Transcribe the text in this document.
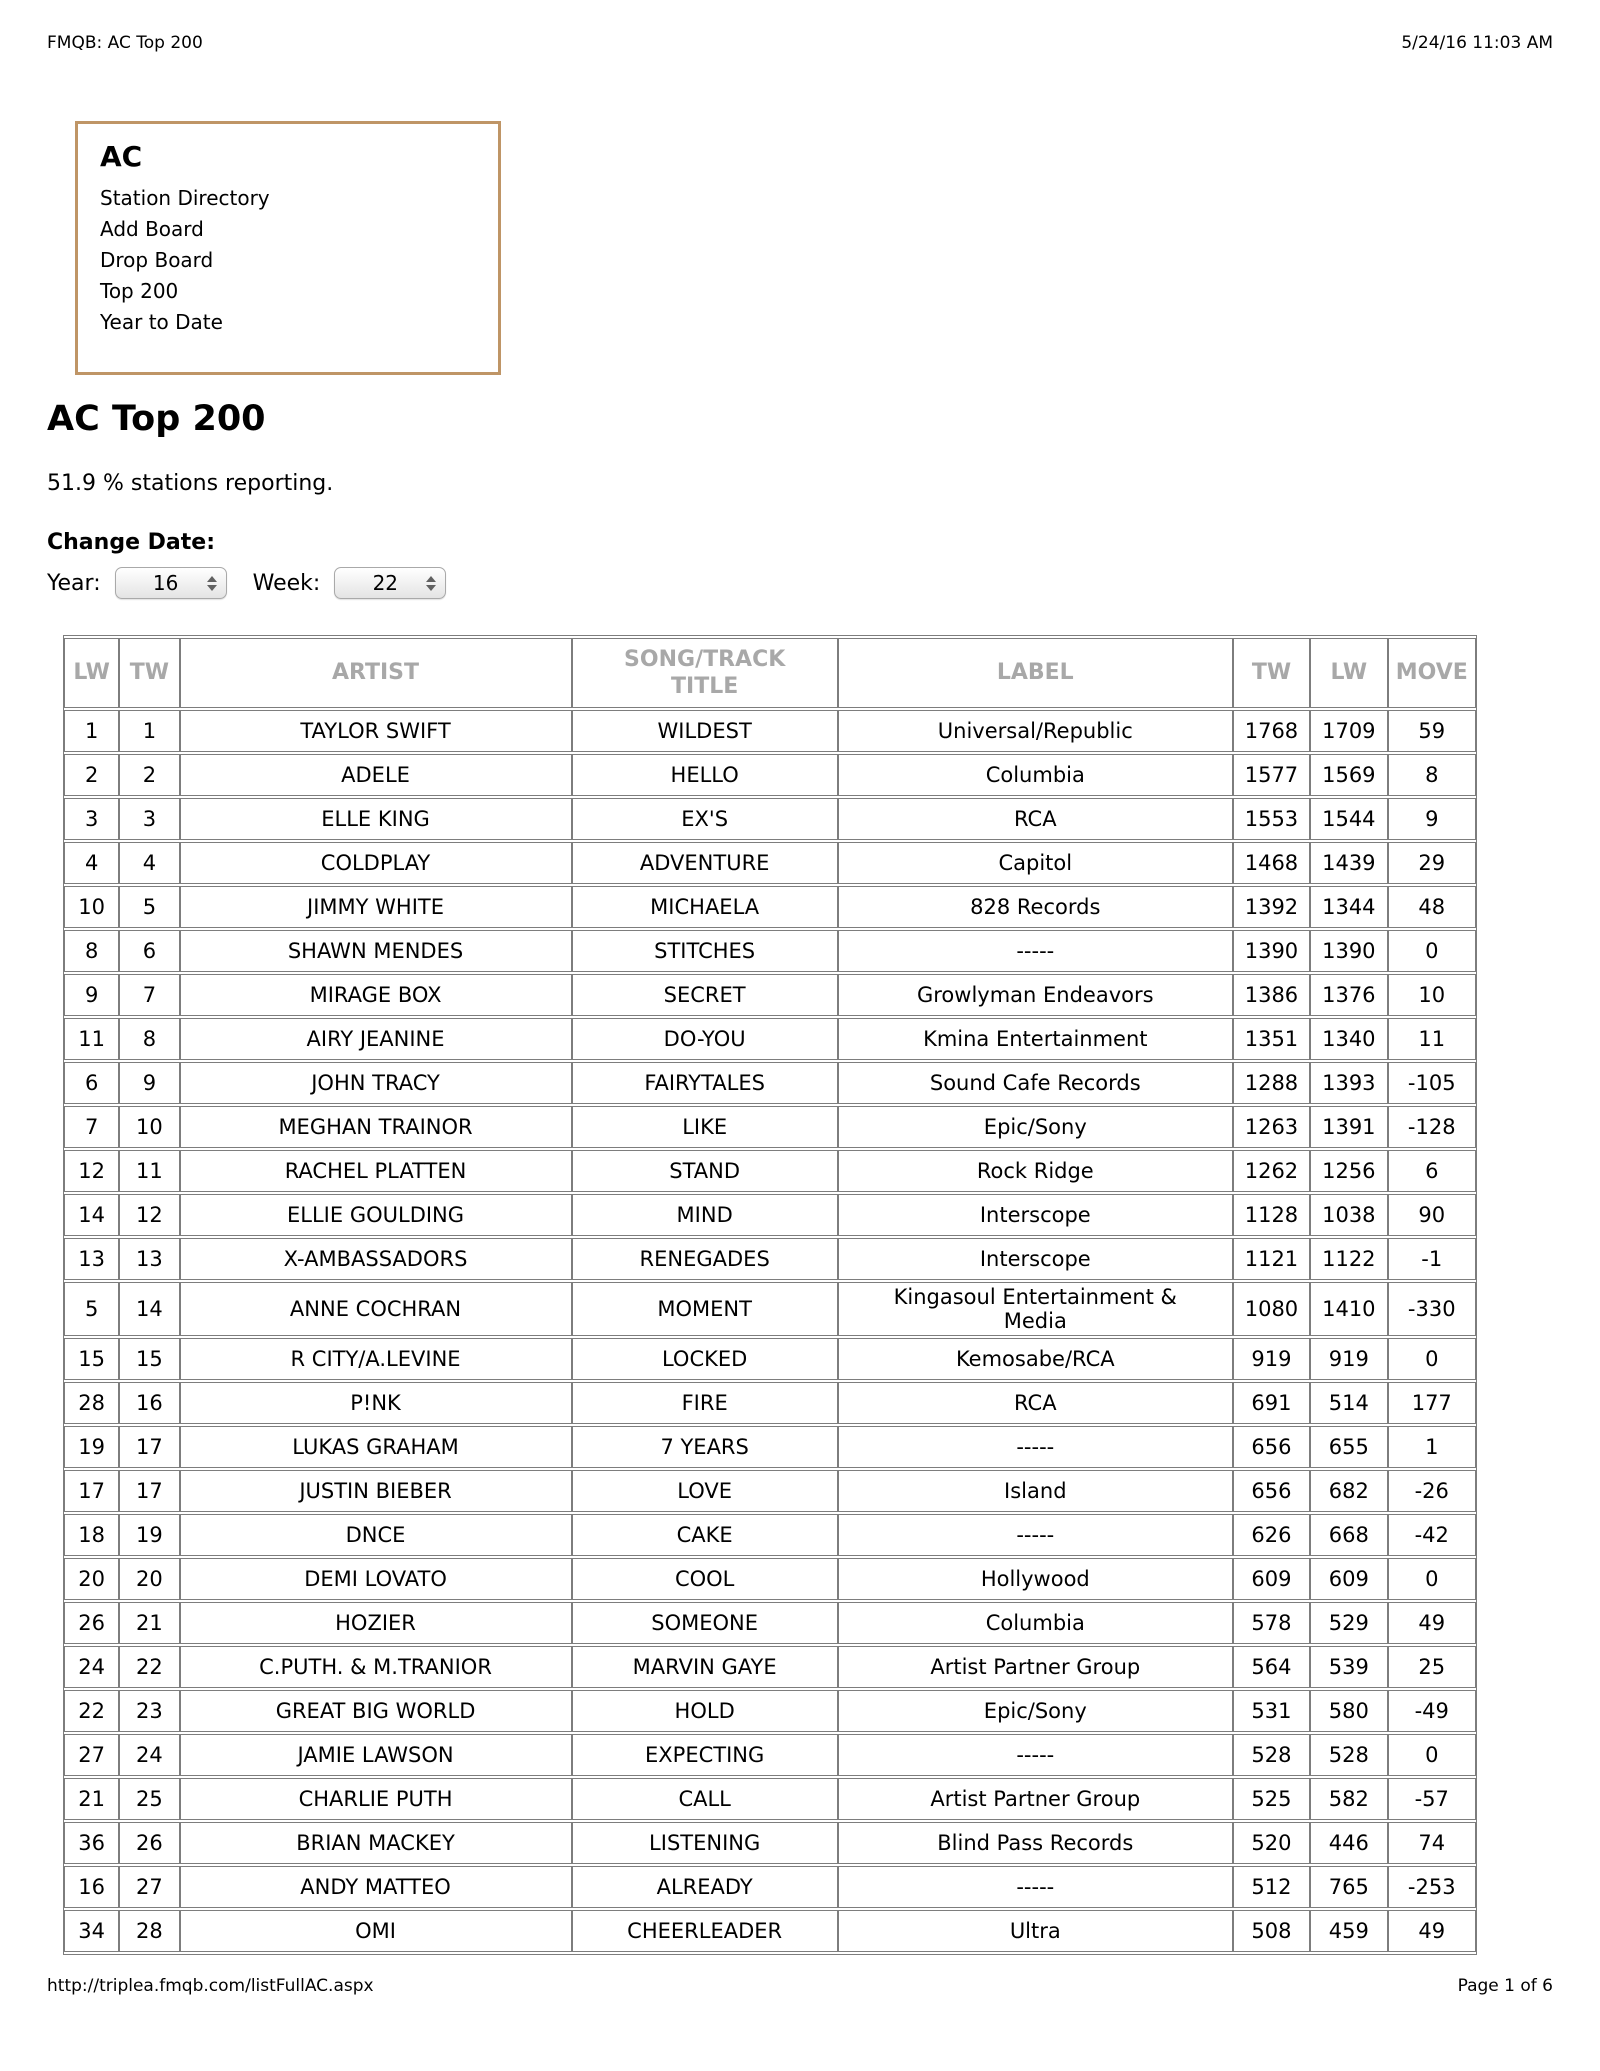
FMQB: AC Top 200	5/24/16 11:03 AM
AC
Station Directory
Add Board
Drop Board
Top 200
Year to Date
AC Top 200
51.9 % stations reporting.
Change Date:
Year:	16	Week:	22
LW	TW	ARTIST	SONG/TRACK TITLE	LABEL	TW	LW	MOVE
1	1	TAYLOR SWIFT	WILDEST	Universal/Republic	1768	1709	59
2	2	ADELE	HELLO	Columbia	1577	1569	8
3	3	ELLE KING	EX'S	RCA	1553	1544	9
4	4	COLDPLAY	ADVENTURE	Capitol	1468	1439	29
10	5	JIMMY WHITE	MICHAELA	828 Records	1392	1344	48
8	6	SHAWN MENDES	STITCHES	-----	1390	1390	0
9	7	MIRAGE BOX	SECRET	Growlyman Endeavors	1386	1376	10
11	8	AIRY JEANINE	DO-YOU	Kmina Entertainment	1351	1340	11
6	9	JOHN TRACY	FAIRYTALES	Sound Cafe Records	1288	1393	-105
7	10	MEGHAN TRAINOR	LIKE	Epic/Sony	1263	1391	-128
12	11	RACHEL PLATTEN	STAND	Rock Ridge	1262	1256	6
14	12	ELLIE GOULDING	MIND	Interscope	1128	1038	90
13	13	X-AMBASSADORS	RENEGADES	Interscope	1121	1122	-1
5	14	ANNE COCHRAN	MOMENT	Kingasoul Entertainment & Media	1080	1410	-330
15	15	R CITY/A.LEVINE	LOCKED	Kemosabe/RCA	919	919	0
28	16	P!NK	FIRE	RCA	691	514	177
19	17	LUKAS GRAHAM	7 YEARS	-----	656	655	1
17	17	JUSTIN BIEBER	LOVE	Island	656	682	-26
18	19	DNCE	CAKE	-----	626	668	-42
20	20	DEMI LOVATO	COOL	Hollywood	609	609	0
26	21	HOZIER	SOMEONE	Columbia	578	529	49
24	22	C.PUTH. & M.TRANIOR	MARVIN GAYE	Artist Partner Group	564	539	25
22	23	GREAT BIG WORLD	HOLD	Epic/Sony	531	580	-49
27	24	JAMIE LAWSON	EXPECTING	-----	528	528	0
21	25	CHARLIE PUTH	CALL	Artist Partner Group	525	582	-57
36	26	BRIAN MACKEY	LISTENING	Blind Pass Records	520	446	74
16	27	ANDY MATTEO	ALREADY	-----	512	765	-253
34	28	OMI	CHEERLEADER	Ultra	508	459	49
http://triplea.fmqb.com/listFullAC.aspx	Page 1 of 6
